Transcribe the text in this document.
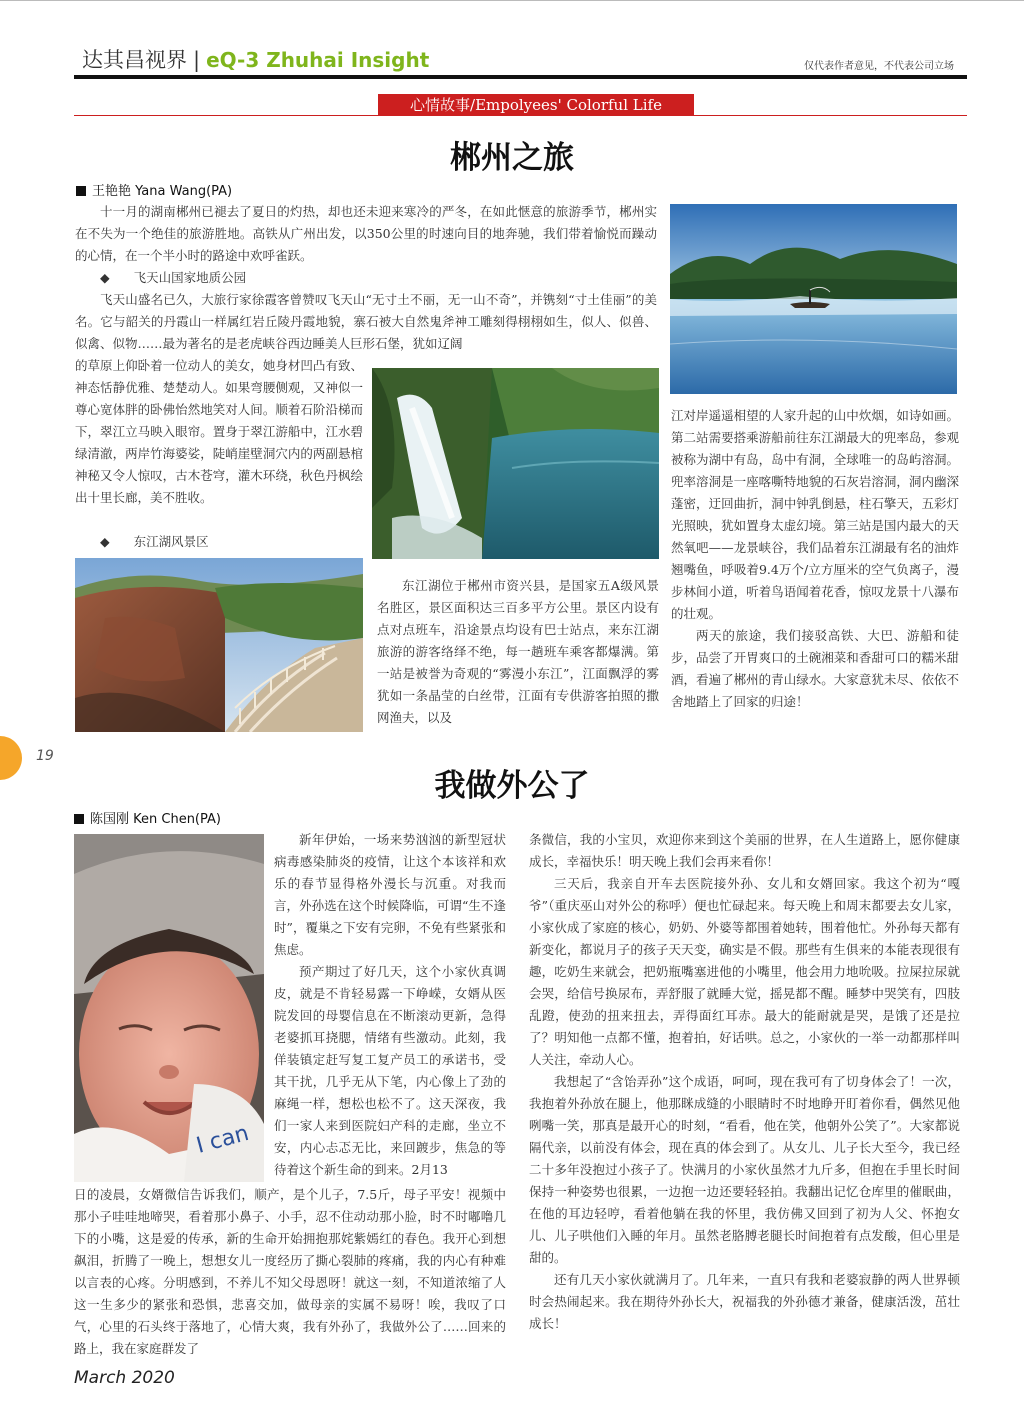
达其昌视界 | eQ-3 Zhuhai Insight	仅代表作者意见，不代表公司立场
心情故事/Empolyees' Colorful Life
郴州之旅
王艳艳 Yana Wang(PA)

十一月的湖南郴州已褪去了夏日的灼热，却也还未迎来寒冷的严冬，在如此惬意的旅游季节，郴州实在不失为一个绝佳的旅游胜地。高铁从广州出发，以350公里的时速向目的地奔驰，我们带着愉悦而躁动的心情，在一个半小时的路途中欢呼雀跃。

◆ 飞天山国家地质公园

飞天山盛名已久，大旅行家徐霞客曾赞叹飞天山“无寸土不丽，无一山不奇”，并镌刻“寸土佳丽”的美名。它与韶关的丹霞山一样属红岩丘陵丹霞地貌，寨石被大自然鬼斧神工雕刻得栩栩如生，似人、似兽、似禽、似物……最为著名的是老虎峡谷西边睡美人巨形石堡，犹如辽阔

的草原上仰卧着一位动人的美女，她身材凹凸有致、神态恬静优雅、楚楚动人。如果弯腰侧观，又神似一尊心宽体胖的卧佛怡然地笑对人间。顺着石阶沿梯而下，翠江立马映入眼帘。置身于翠江游船中，江水碧绿清澈，两岸竹海婆娑，陡峭崖壁洞穴内的两副悬棺神秘又令人惊叹，古木苍穹，灌木环绕，秋色丹枫绘出十里长廊，美不胜收。

◆ 东江湖风景区

东江湖位于郴州市资兴县，是国家五A级风景名胜区，景区面积达三百多平方公里。景区内设有点对点班车，沿途景点均设有巴士站点，来东江湖旅游的游客络绎不绝，每一趟班车乘客都爆满。第一站是被誉为奇观的“雾漫小东江”，江面飘浮的雾犹如一条晶莹的白丝带，江面有专供游客拍照的撒网渔夫，以及

江对岸遥遥相望的人家升起的山中炊烟，如诗如画。第二站需要搭乘游船前往东江湖最大的兜率岛，参观被称为湖中有岛，岛中有洞，全球唯一的岛屿溶洞。兜率溶洞是一座喀嘶特地貌的石灰岩溶洞，洞内幽深蓬密，迂回曲折，洞中钟乳倒悬，柱石擎天，五彩灯光照映，犹如置身太虚幻境。第三站是国内最大的天然氧吧——龙景峡谷，我们品着东江湖最有名的油炸翘嘴鱼，呼吸着9.4万个/立方厘米的空气负离子，漫步林间小道，听着鸟语闻着花香，惊叹龙景十八瀑布的壮观。

两天的旅途，我们接驳高铁、大巴、游船和徒步，品尝了开胃爽口的土碗湘菜和香甜可口的糯米甜酒，看遍了郴州的青山绿水。大家意犹未尽、依依不舍地踏上了回家的归途！

19
我做外公了
陈国刚 Ken Chen(PA)
I can

新年伊始，一场来势汹汹的新型冠状病毒感染肺炎的疫情，让这个本该祥和欢乐的春节显得格外漫长与沉重。对我而言，外孙选在这个时候降临，可谓“生不逢时”，覆巢之下安有完卵，不免有些紧张和焦虑。

预产期过了好几天，这个小家伙真调皮，就是不肯轻易露一下峥嵘，女婿从医院发回的母婴信息在不断滚动更新，急得老婆抓耳挠腮，情绪有些激动。此刻，我佯装镇定赶写复工复产员工的承诺书，受其干扰，几乎无从下笔，内心像上了劲的麻绳一样，想松也松不了。这天深夜，我们一家人来到医院妇产科的走廊，坐立不安，内心忐忑无比，来回踱步，焦急的等待着这个新生命的到来。2月13

日的凌晨，女婿微信告诉我们，顺产，是个儿子，7.5斤，母子平安！视频中那小子哇哇地啼哭，看着那小鼻子、小手，忍不住动动那小脸，时不时嘟噜几下的小嘴，这是爱的传承，新的生命开始拥抱那姹紫嫣红的春色。我开心到想飙泪，折腾了一晚上，想想女儿一度经历了撕心裂肺的疼痛，我的内心有种难以言表的心疼。分明感到，不养儿不知父母恩呀！就这一刻，不知道浓缩了人这一生多少的紧张和恐惧，悲喜交加，做母亲的实属不易呀！唉，我叹了口气，心里的石头终于落地了，心情大爽，我有外孙了，我做外公了……回来的路上，我在家庭群发了

条微信，我的小宝贝，欢迎你来到这个美丽的世界，在人生道路上，愿你健康成长，幸福快乐！明天晚上我们会再来看你！

三天后，我亲自开车去医院接外孙、女儿和女婿回家。我这个初为“嘎爷”（重庆巫山对外公的称呼）便也忙碌起来。每天晚上和周末都要去女儿家，小家伙成了家庭的核心，奶奶、外婆等都围着她转，围着他忙。外孙每天都有新变化，都说月子的孩子天天变，确实是不假。那些有生俱来的本能表现很有趣，吃奶生来就会，把奶瓶嘴塞进他的小嘴里，他会用力地吮吸。拉屎拉尿就会哭，给信号换尿布，弄舒服了就睡大觉，摇晃都不醒。睡梦中哭笑有，四肢乱蹬，使劲的扭来扭去，弄得面红耳赤。最大的能耐就是哭，是饿了还是拉了？明知他一点都不懂，抱着拍，好话哄。总之，小家伙的一举一动都那样叫人关注，牵动人心。

我想起了“含饴弄孙”这个成语，呵呵，现在我可有了切身体会了！一次，我抱着外孙放在腿上，他那眯成缝的小眼睛时不时地睁开盯着你看，偶然见他咧嘴一笑，那真是最开心的时刻，“看看，他在笑，他朝外公笑了”。大家都说隔代亲，以前没有体会，现在真的体会到了。从女儿、儿子长大至今，我已经二十多年没抱过小孩子了。快满月的小家伙虽然才九斤多，但抱在手里长时间保持一种姿势也很累，一边抱一边还要轻轻拍。我翻出记忆仓库里的催眠曲，在他的耳边轻哼，看着他躺在我的怀里，我仿佛又回到了初为人父、怀抱女儿、儿子哄他们入睡的年月。虽然老胳膊老腿长时间抱着有点发酸，但心里是甜的。

还有几天小家伙就满月了。几年来，一直只有我和老婆寂静的两人世界顿时会热闹起来。我在期待外孙长大，祝福我的外孙德才兼备，健康活泼，茁壮成长！

March 2020
